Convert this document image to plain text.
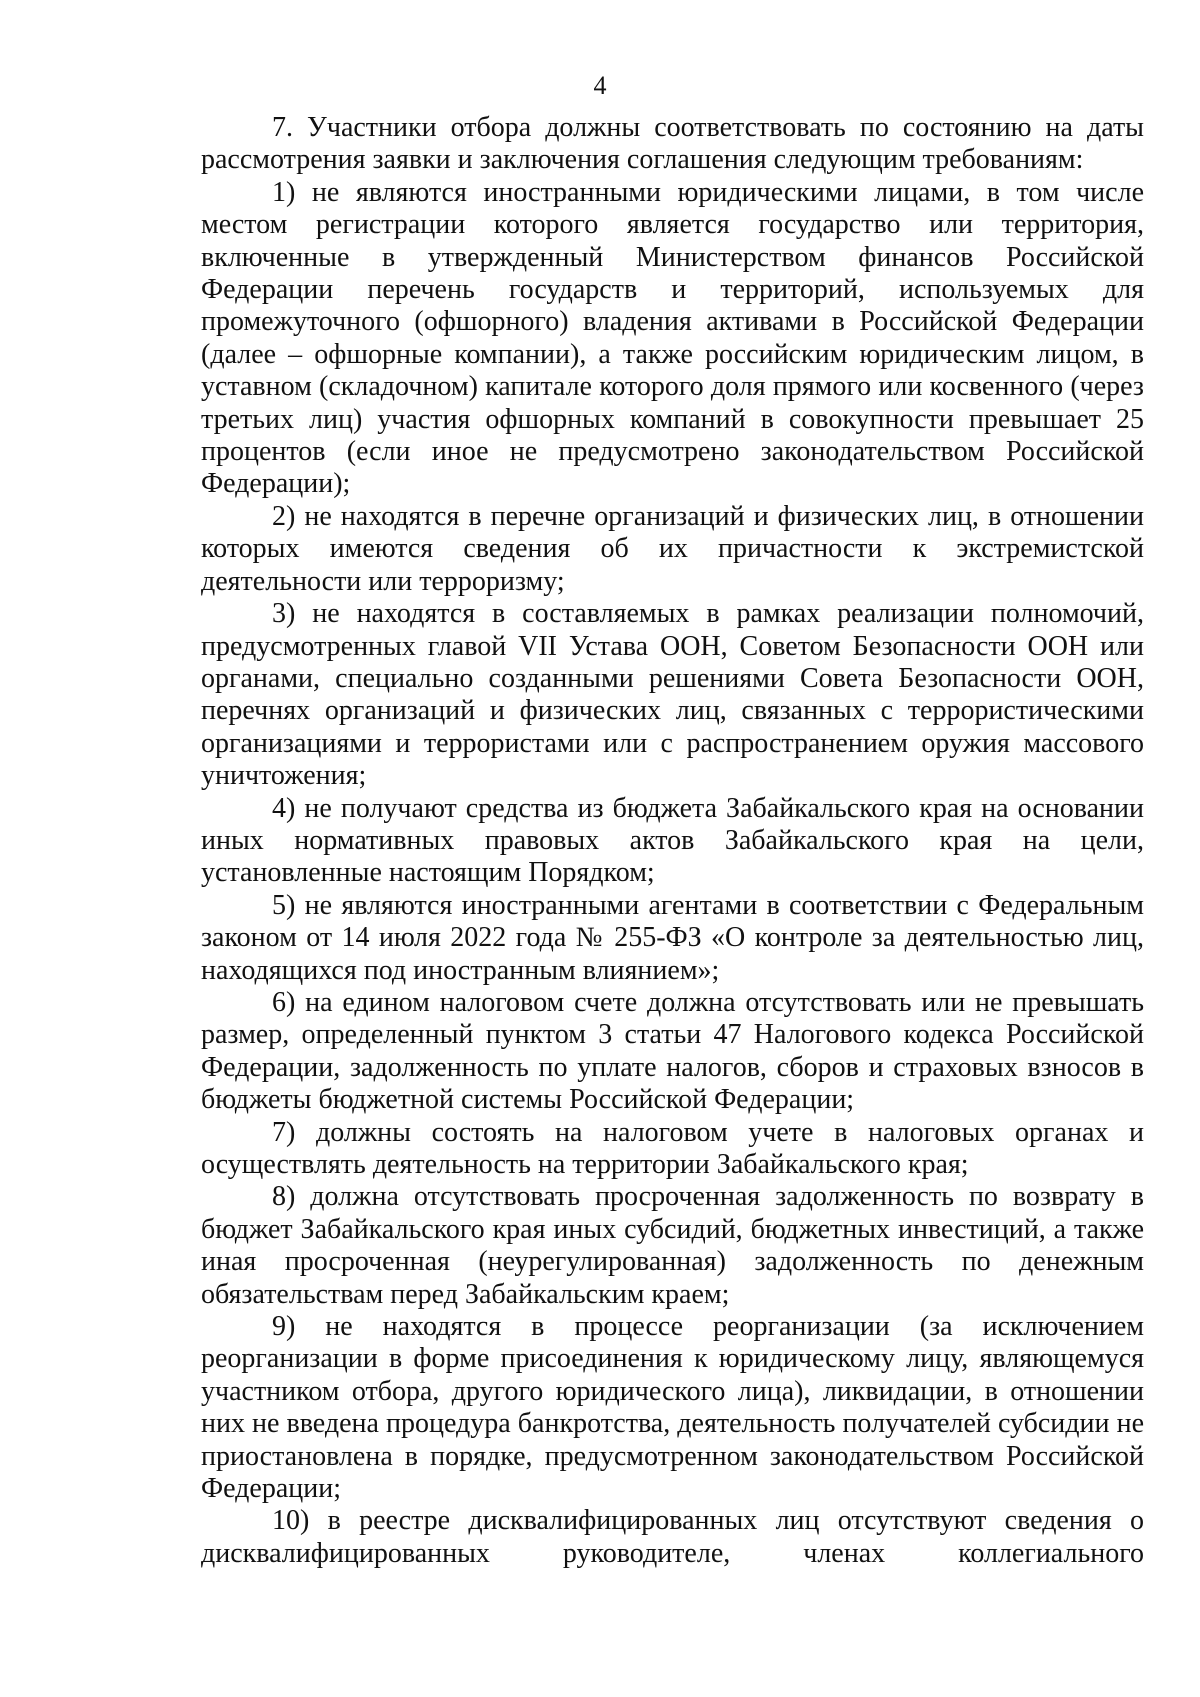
4

7. Участники отбора должны соответствовать по состоянию на даты рассмотрения заявки и заключения соглашения следующим требованиям:

1) не являются иностранными юридическими лицами, в том числе местом регистрации которого является государство или территория, включенные в утвержденный Министерством финансов Российской Федерации перечень государств и территорий, используемых для промежуточного (офшорного) владения активами в Российской Федерации (далее – офшорные компании), а также российским юридическим лицом, в уставном (складочном) капитале которого доля прямого или косвенного (через третьих лиц) участия офшорных компаний в совокупности превышает 25 процентов (если иное не предусмотрено законодательством Российской Федерации);

2) не находятся в перечне организаций и физических лиц, в отношении которых имеются сведения об их причастности к экстремистской деятельности или терроризму;

3) не находятся в составляемых в рамках реализации полномочий, предусмотренных главой VII Устава ООН, Советом Безопасности ООН или органами, специально созданными решениями Совета Безопасности ООН, перечнях организаций и физических лиц, связанных с террористическими организациями и террористами или с распространением оружия массового уничтожения;

4) не получают средства из бюджета Забайкальского края на основании иных нормативных правовых актов Забайкальского края на цели, установленные настоящим Порядком;

5) не являются иностранными агентами в соответствии с Федеральным законом от 14 июля 2022 года № 255-ФЗ «О контроле за деятельностью лиц, находящихся под иностранным влиянием»;

6) на едином налоговом счете должна отсутствовать или не превышать размер, определенный пунктом 3 статьи 47 Налогового кодекса Российской Федерации, задолженность по уплате налогов, сборов и страховых взносов в бюджеты бюджетной системы Российской Федерации;

7) должны состоять на налоговом учете в налоговых органах и осуществлять деятельность на территории Забайкальского края;

8) должна отсутствовать просроченная задолженность по возврату в бюджет Забайкальского края иных субсидий, бюджетных инвестиций, а также иная просроченная (неурегулированная) задолженность по денежным обязательствам перед Забайкальским краем;

9) не находятся в процессе реорганизации (за исключением реорганизации в форме присоединения к юридическому лицу, являющемуся участником отбора, другого юридического лица), ликвидации, в отношении них не введена процедура банкротства, деятельность получателей субсидии не приостановлена в порядке, предусмотренном законодательством Российской Федерации;

10) в реестре дисквалифицированных лиц отсутствуют сведения о дисквалифицированных руководителе, членах коллегиального
